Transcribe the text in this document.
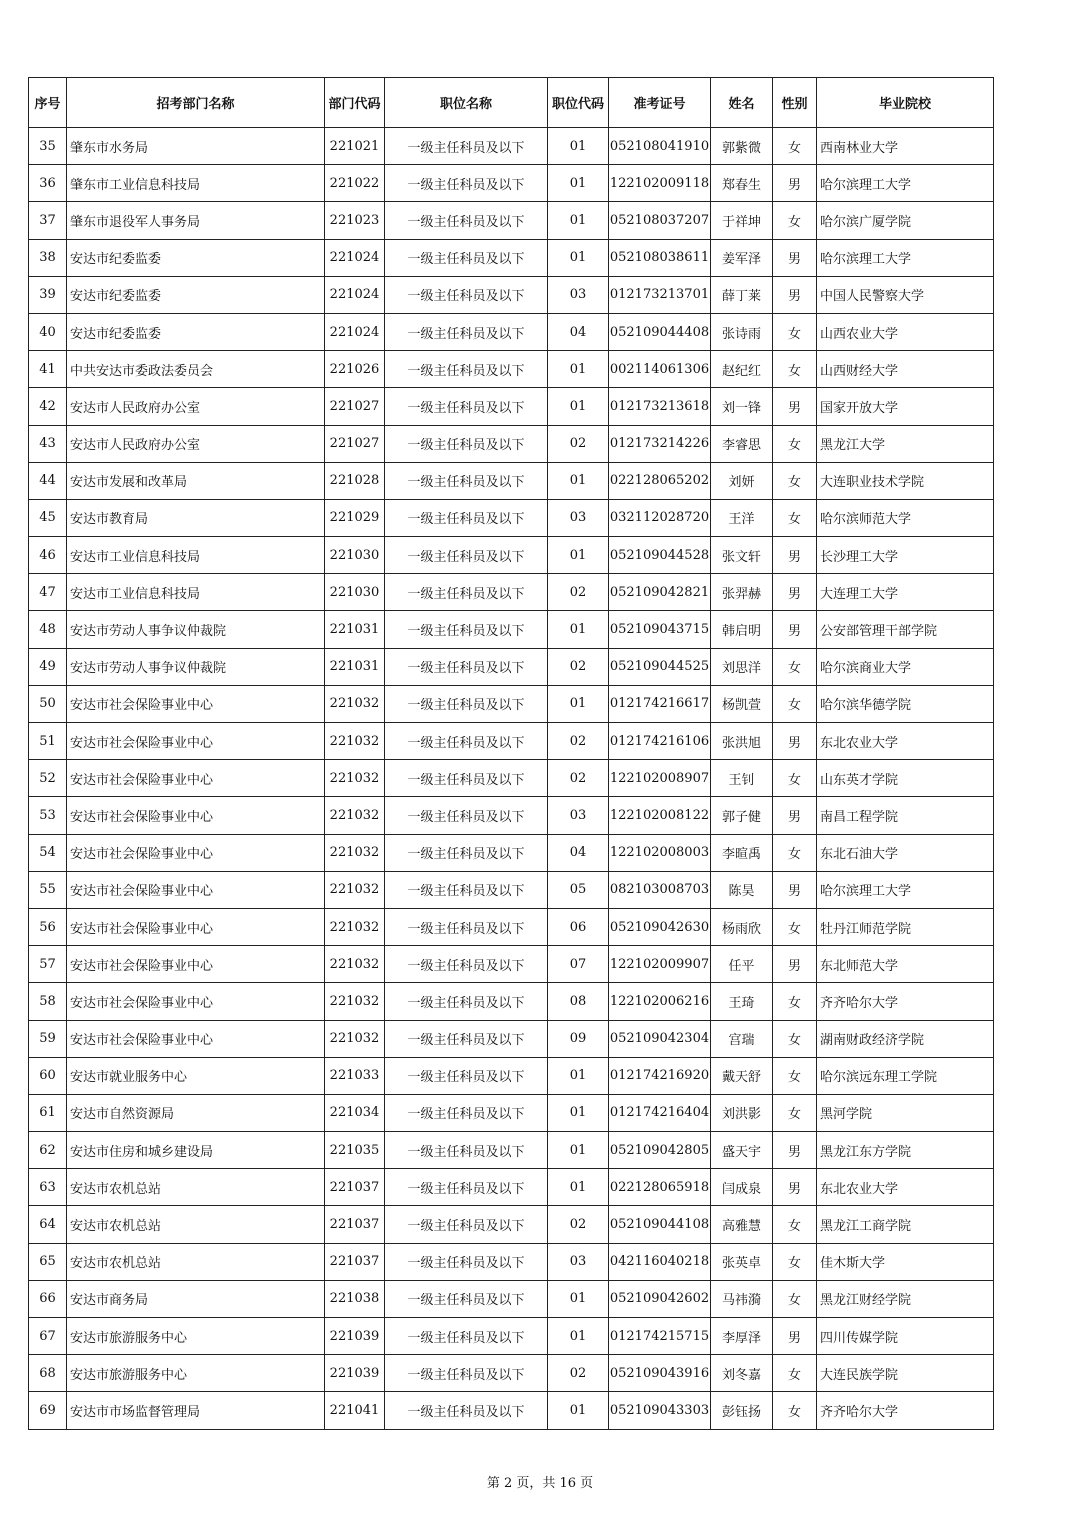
序号	招考部门名称	部门代码	职位名称	职位代码	准考证号	姓名	性别	毕业院校
35	肇东市水务局	221021	一级主任科员及以下	01	052108041910	郭紫微	女	西南林业大学
36	肇东市工业信息科技局	221022	一级主任科员及以下	01	122102009118	郑春生	男	哈尔滨理工大学
37	肇东市退役军人事务局	221023	一级主任科员及以下	01	052108037207	于祥坤	女	哈尔滨广厦学院
38	安达市纪委监委	221024	一级主任科员及以下	01	052108038611	姜军泽	男	哈尔滨理工大学
39	安达市纪委监委	221024	一级主任科员及以下	03	012173213701	薛丁莱	男	中国人民警察大学
40	安达市纪委监委	221024	一级主任科员及以下	04	052109044408	张诗雨	女	山西农业大学
41	中共安达市委政法委员会	221026	一级主任科员及以下	01	002114061306	赵纪红	女	山西财经大学
42	安达市人民政府办公室	221027	一级主任科员及以下	01	012173213618	刘一锋	男	国家开放大学
43	安达市人民政府办公室	221027	一级主任科员及以下	02	012173214226	李睿思	女	黑龙江大学
44	安达市发展和改革局	221028	一级主任科员及以下	01	022128065202	刘妍	女	大连职业技术学院
45	安达市教育局	221029	一级主任科员及以下	03	032112028720	王洋	女	哈尔滨师范大学
46	安达市工业信息科技局	221030	一级主任科员及以下	01	052109044528	张文轩	男	长沙理工大学
47	安达市工业信息科技局	221030	一级主任科员及以下	02	052109042821	张羿赫	男	大连理工大学
48	安达市劳动人事争议仲裁院	221031	一级主任科员及以下	01	052109043715	韩启明	男	公安部管理干部学院
49	安达市劳动人事争议仲裁院	221031	一级主任科员及以下	02	052109044525	刘思洋	女	哈尔滨商业大学
50	安达市社会保险事业中心	221032	一级主任科员及以下	01	012174216617	杨凯萱	女	哈尔滨华德学院
51	安达市社会保险事业中心	221032	一级主任科员及以下	02	012174216106	张洪旭	男	东北农业大学
52	安达市社会保险事业中心	221032	一级主任科员及以下	02	122102008907	王钊	女	山东英才学院
53	安达市社会保险事业中心	221032	一级主任科员及以下	03	122102008122	郭子健	男	南昌工程学院
54	安达市社会保险事业中心	221032	一级主任科员及以下	04	122102008003	李暄禹	女	东北石油大学
55	安达市社会保险事业中心	221032	一级主任科员及以下	05	082103008703	陈昊	男	哈尔滨理工大学
56	安达市社会保险事业中心	221032	一级主任科员及以下	06	052109042630	杨雨欣	女	牡丹江师范学院
57	安达市社会保险事业中心	221032	一级主任科员及以下	07	122102009907	任平	男	东北师范大学
58	安达市社会保险事业中心	221032	一级主任科员及以下	08	122102006216	王琦	女	齐齐哈尔大学
59	安达市社会保险事业中心	221032	一级主任科员及以下	09	052109042304	宫瑞	女	湖南财政经济学院
60	安达市就业服务中心	221033	一级主任科员及以下	01	012174216920	戴天舒	女	哈尔滨远东理工学院
61	安达市自然资源局	221034	一级主任科员及以下	01	012174216404	刘洪影	女	黑河学院
62	安达市住房和城乡建设局	221035	一级主任科员及以下	01	052109042805	盛天宇	男	黑龙江东方学院
63	安达市农机总站	221037	一级主任科员及以下	01	022128065918	闫成泉	男	东北农业大学
64	安达市农机总站	221037	一级主任科员及以下	02	052109044108	高雅慧	女	黑龙江工商学院
65	安达市农机总站	221037	一级主任科员及以下	03	042116040218	张英卓	女	佳木斯大学
66	安达市商务局	221038	一级主任科员及以下	01	052109042602	马祎漪	女	黑龙江财经学院
67	安达市旅游服务中心	221039	一级主任科员及以下	01	012174215715	李厚泽	男	四川传媒学院
68	安达市旅游服务中心	221039	一级主任科员及以下	02	052109043916	刘冬嘉	女	大连民族学院
69	安达市市场监督管理局	221041	一级主任科员及以下	01	052109043303	彭钰扬	女	齐齐哈尔大学
第 2 页，共 16 页
